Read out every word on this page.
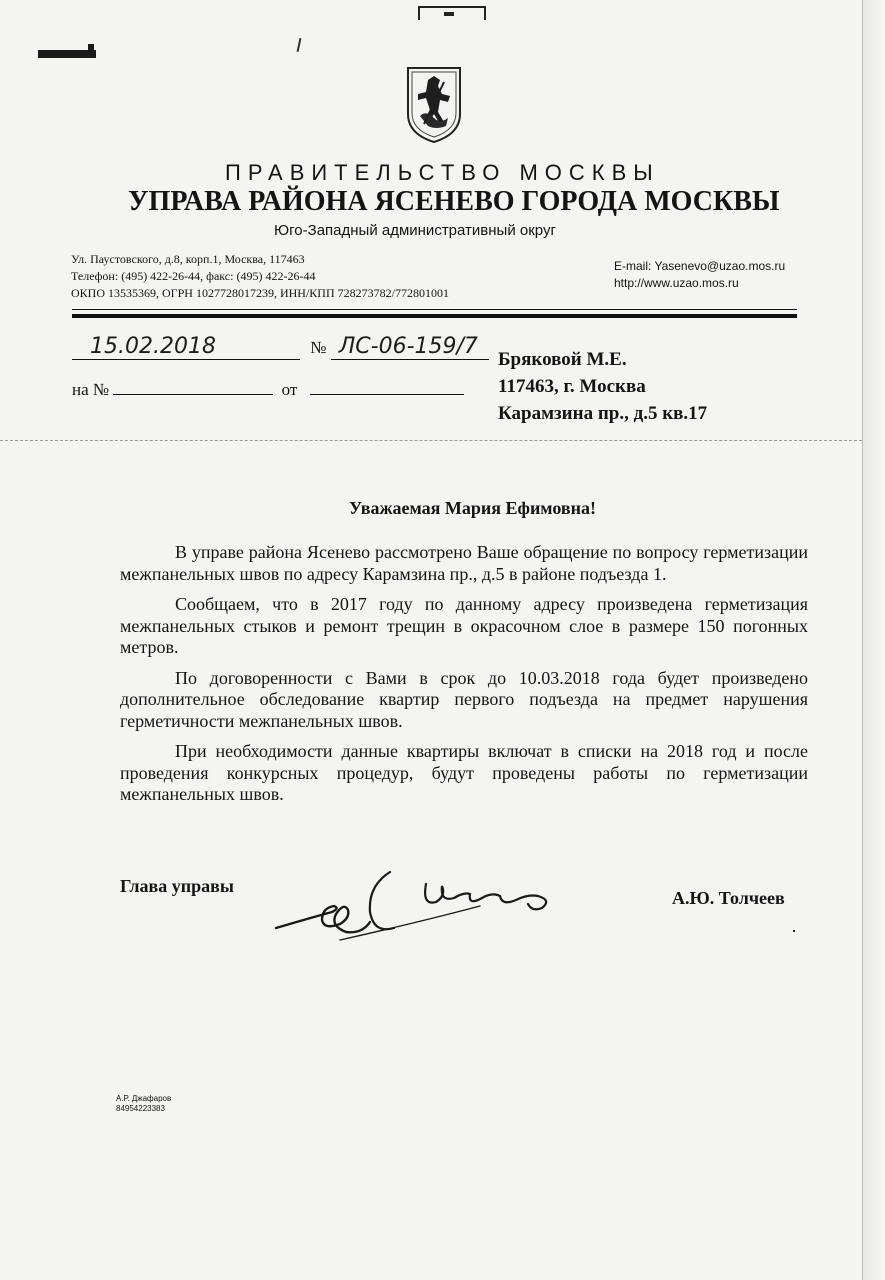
ПРАВИТЕЛЬСТВО МОСКВЫ
УПРАВА РАЙОНА ЯСЕНЕВО ГОРОДА МОСКВЫ
Юго-Западный административный округ
Ул. Паустовского, д.8, корп.1, Москва, 117463
Телефон: (495) 422-26-44, факс: (495) 422-26-44
ОКПО 13535369, ОГРН 1027728017239, ИНН/КПП 728273782/772801001
E-mail: Yasenevo@uzao.mos.ru
http://www.uzao.mos.ru
15.02.2018	№ ЛС-06-159/7
на №	от
Бряковой М.Е.
117463, г. Москва
Карамзина пр., д.5 кв.17
Уважаемая Мария Ефимовна!

В управе района Ясенево рассмотрено Ваше обращение по вопросу герметизации межпанельных швов по адресу Карамзина пр., д.5 в районе подъезда 1.

Сообщаем, что в 2017 году по данному адресу произведена герметизация межпанельных стыков и ремонт трещин в окрасочном слое в размере 150 погонных метров.

По договоренности с Вами в срок до 10.03.2018 года будет произведено дополнительное обследование квартир первого подъезда на предмет нарушения герметичности межпанельных швов.

При необходимости данные квартиры включат в списки на 2018 год и после проведения конкурсных процедур, будут проведены работы по герметизации межпанельных швов.

Глава управы
А.Ю. Толчеев
А.Р. Джафаров
84954223383
